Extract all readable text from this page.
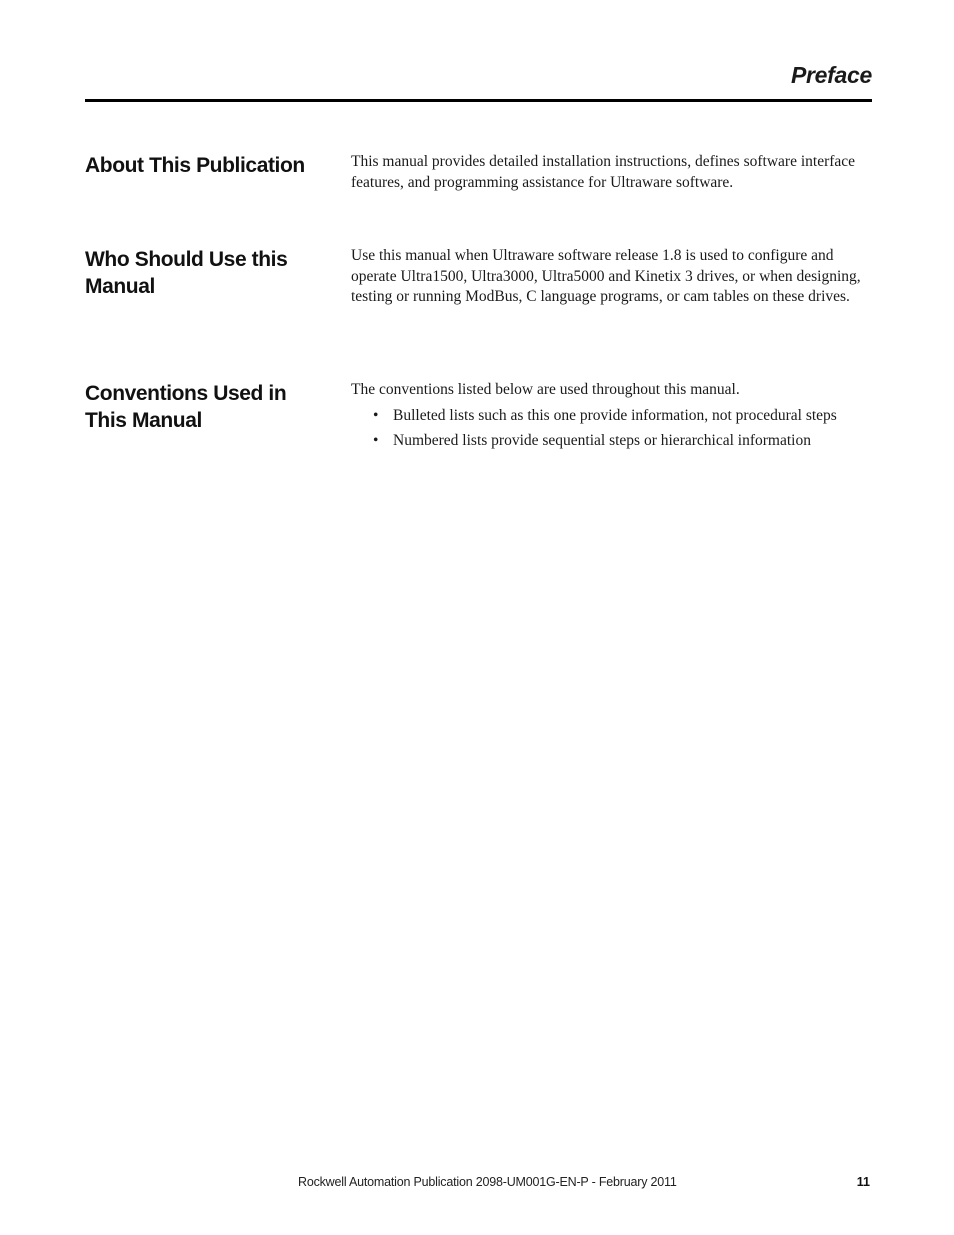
Preface
About This Publication	This manual provides detailed installation instructions, defines software interface features, and programming assistance for Ultraware software.

Who Should Use this Manual

Use this manual when Ultraware software release 1.8 is used to configure and operate Ultra1500, Ultra3000, Ultra5000 and Kinetix 3 drives, or when designing, testing or running ModBus, C language programs, or cam tables on these drives.

Conventions Used in This Manual

The conventions listed below are used throughout this manual.

• Bulleted lists such as this one provide information, not procedural steps
• Numbered lists provide sequential steps or hierarchical information
Rockwell Automation Publication 2098-UM001G-EN-P - February 2011	11
